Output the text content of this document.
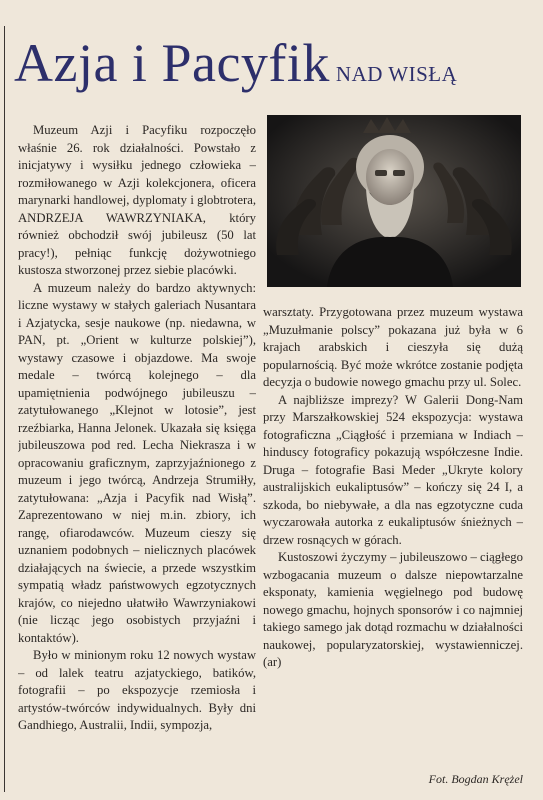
Azja i Pacyfik NAD WISŁĄ

Muzeum Azji i Pacyfiku rozpoczęło właśnie 26. rok działalności. Powstało z inicjatywy i wysiłku jednego człowieka – rozmiłowanego w Azji kolekcjonera, oficera marynarki handlowej, dyplomaty i globtrotera, ANDRZEJA WAWRZYNIAKA, który również obchodził swój jubileusz (50 lat pracy!), pełniąc funkcję dożywotniego kustosza stworzonej przez siebie placówki.

A muzeum należy do bardzo aktywnych: liczne wystawy w stałych galeriach Nusantara i Azjatycka, sesje naukowe (np. niedawna, w PAN, pt. „Orient w kulturze polskiej”), wystawy czasowe i objazdowe. Ma swoje medale – twórcą kolejnego – dla upamiętnienia podwójnego jubileuszu – zatytułowanego „Klejnot w lotosie”, jest rzeźbiarka, Hanna Jelonek. Ukazała się księga jubileuszowa pod red. Lecha Niekrasza i w opracowaniu graficznym, zaprzyjaźnionego z muzeum i jego twórcą, Andrzeja Strumiłły, zatytułowana: „Azja i Pacyfik nad Wisłą”. Zaprezentowano w niej m.in. zbiory, ich rangę, ofiarodawców. Muzeum cieszy się uznaniem podobnych – nielicznych placówek działających na świecie, a przede wszystkim sympatią władz państwowych egzotycznych krajów, co niejedno ułatwiło Wawrzyniakowi (nie licząc jego osobistych przyjaźni i kontaktów).

Było w minionym roku 12 nowych wystaw – od lalek teatru azjatyckiego, batików, fotografii – po ekspozycje rzemiosła i artystów-twórców indywidualnych. Były dni Gandhiego, Australii, Indii, sympozja,

warsztaty. Przygotowana przez muzeum wystawa „Muzułmanie polscy” pokazana już była w 6 krajach arabskich i cieszyła się dużą popularnością. Być może wkrótce zostanie podjęta decyzja o budowie nowego gmachu przy ul. Solec.

A najbliższe imprezy? W Galerii Dong-Nam przy Marszałkowskiej 524 ekspozycja: wystawa fotograficzna „Ciągłość i przemiana w Indiach – hinduscy fotograficy pokazują współczesne Indie. Druga – fotografie Basi Meder „Ukryte kolory australijskich eukaliptusów” – kończy się 24 I, a szkoda, bo niebywałe, a dla nas egzotyczne cuda wyczarowała autorka z eukaliptusów śnieżnych – drzew rosnących w górach.

Kustoszowi życzymy – jubileuszowo – ciągłego wzbogacania muzeum o dalsze niepowtarzalne eksponaty, kamienia węgielnego pod budowę nowego gmachu, hojnych sponsorów i co najmniej takiego samego jak dotąd rozmachu w działalności naukowej, popularyzatorskiej, wystawienniczej. (ar)

Fot. Bogdan Krężel
